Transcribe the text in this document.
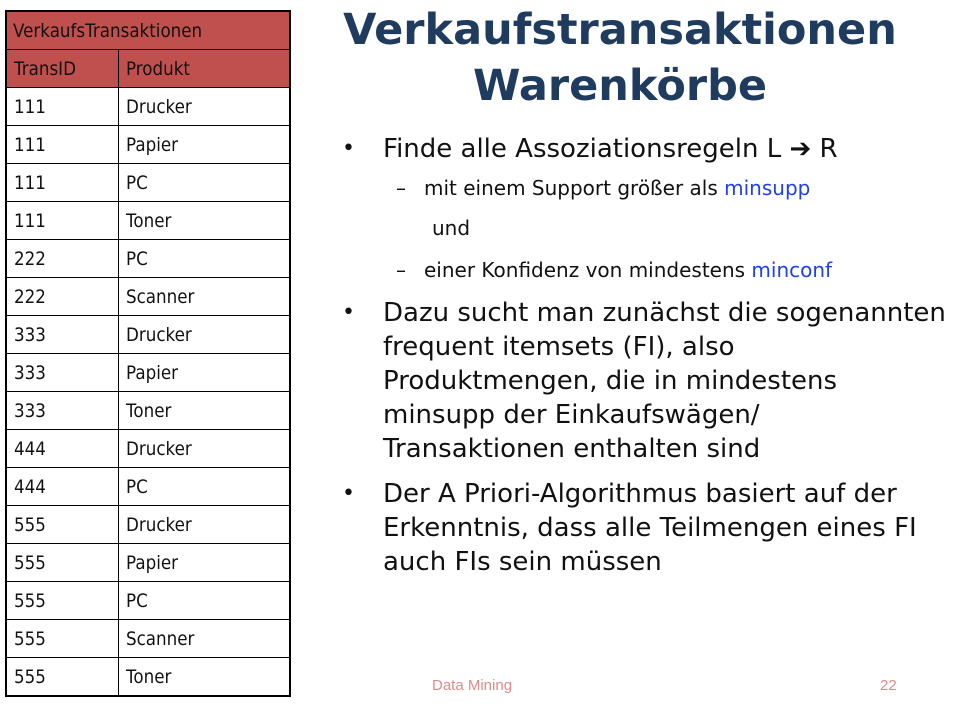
VerkaufsTransaktionen	
TransID	Produkt
111	Drucker
111	Papier
111	PC
111	Toner
222	PC
222	Scanner
333	Drucker
333	Papier
333	Toner
444	Drucker
444	PC
555	Drucker
555	Papier
555	PC
555	Scanner
555	Toner
Verkaufstransaktionen
Warenkörbe
• Finde alle Assoziationsregeln L ➔ R
– mit einem Support größer als minsupp
und
– einer Konfidenz von mindestens minconf
• Dazu sucht man zunächst die sogenannten frequent itemsets (FI), also Produktmengen, die in mindestens minsupp der Einkaufswägen/ Transaktionen enthalten sind
• Der A Priori-Algorithmus basiert auf der Erkenntnis, dass alle Teilmengen eines FI auch FIs sein müssen
Data Mining	22
